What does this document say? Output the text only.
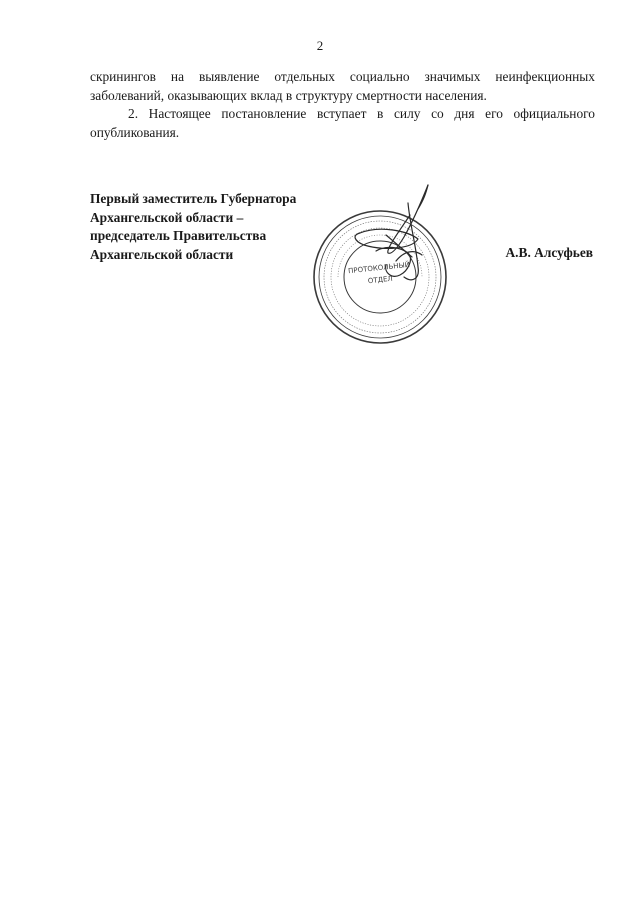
2

скринингов на выявление отдельных социально значимых неинфекционных

заболеваний, оказывающих вклад в структуру смертности населения.

2. Настоящее постановление вступает в силу со дня его официального

опубликования.

Первый заместитель Губернатора
Архангельской области –
председатель Правительства
Архангельской области	А.В. Алсуфьев
ПРОТОКОЛЬНЫЙ
ОТДЕЛ
